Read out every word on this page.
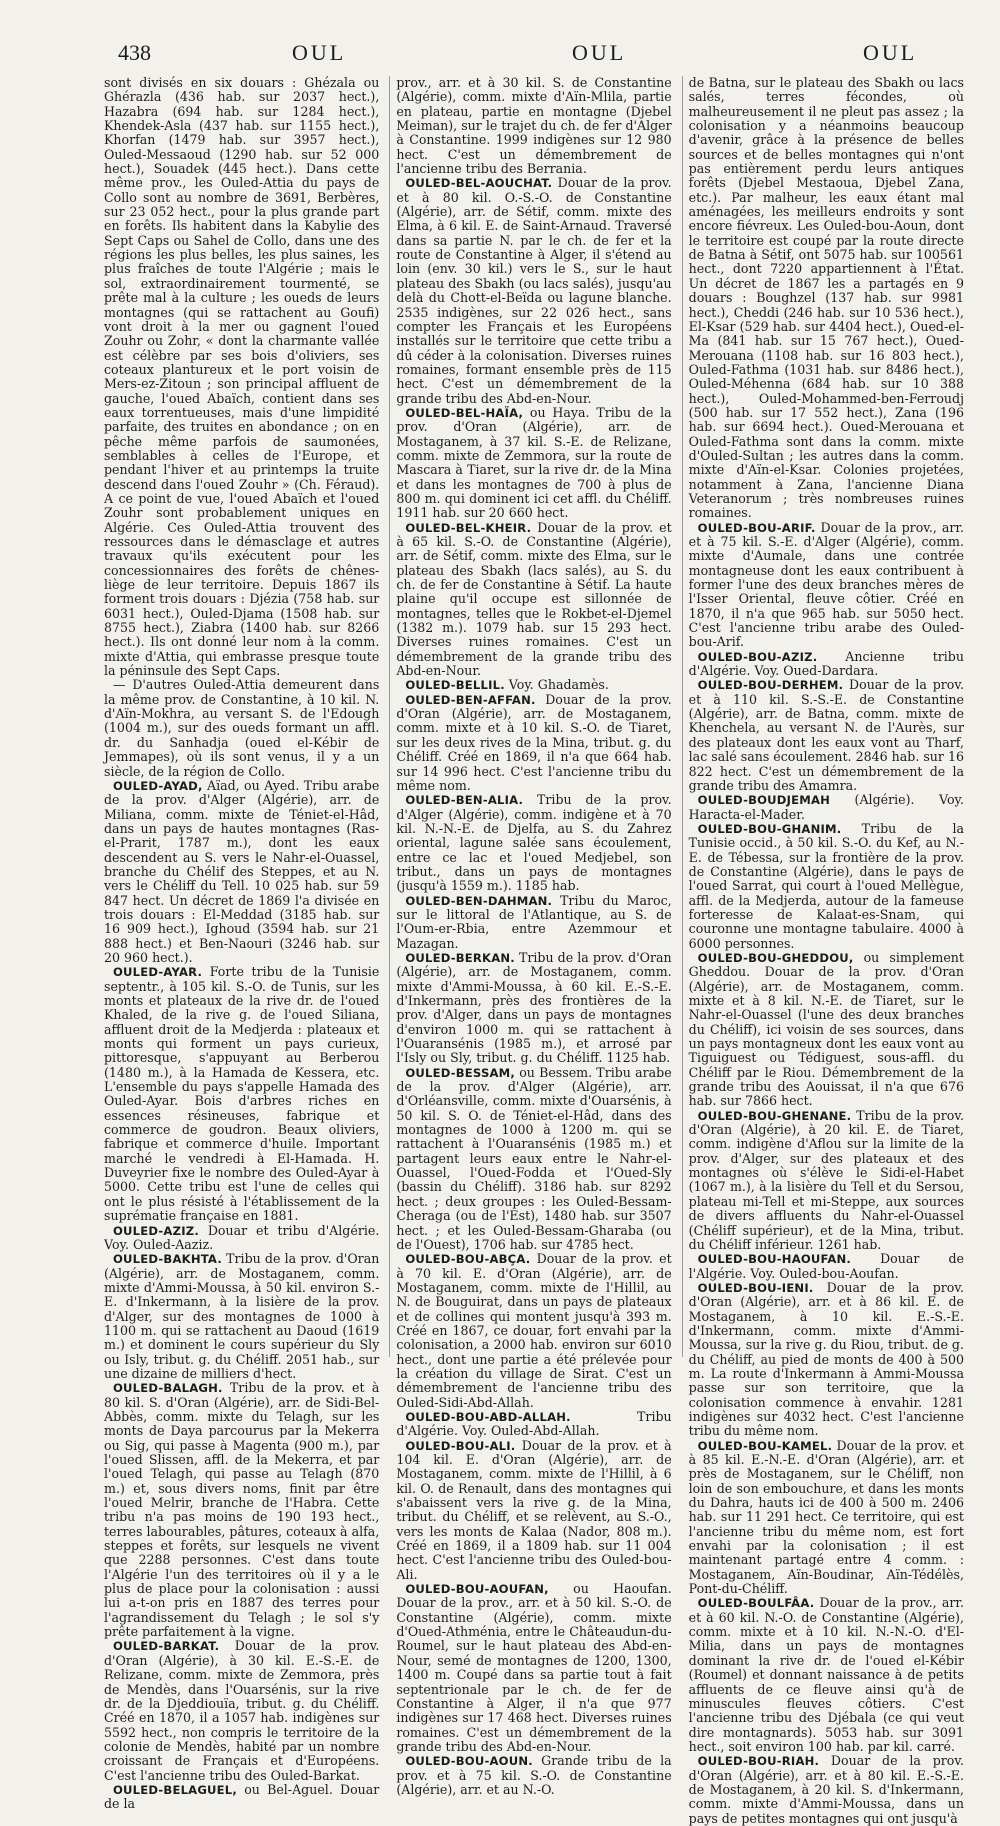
438	OUL	OUL	OUL

sont divisés en six douars : Ghézala ou Ghérazla (436 hab. sur 2037 hect.), Hazabra (694 hab. sur 1284 hect.), Khendek-Asla (437 hab. sur 1155 hect.), Khorfan (1479 hab. sur 3957 hect.), Ouled-Messaoud (1290 hab. sur 52 000 hect.), Souadek (445 hect.). Dans cette même prov., les Ouled-Attia du pays de Collo sont au nombre de 3691, Berbères, sur 23 052 hect., pour la plus grande part en forêts. Ils habitent dans la Kabylie des Sept Caps ou Sahel de Collo, dans une des régions les plus belles, les plus saines, les plus fraîches de toute l'Algérie ; mais le sol, extraordinairement tourmenté, se prête mal à la culture ; les oueds de leurs montagnes (qui se rattachent au Goufi) vont droit à la mer ou gagnent l'oued Zouhr ou Zohr, « dont la charmante vallée est célèbre par ses bois d'oliviers, ses coteaux plantureux et le port voisin de Mers-ez-Zitoun ; son principal affluent de gauche, l'oued Abaïch, contient dans ses eaux torrentueuses, mais d'une limpidité parfaite, des truites en abondance ; on en pêche même parfois de saumonées, semblables à celles de l'Europe, et pendant l'hiver et au printemps la truite descend dans l'oued Zouhr » (Ch. Féraud). A ce point de vue, l'oued Abaïch et l'oued Zouhr sont probablement uniques en Algérie. Ces Ouled-Attia trouvent des ressources dans le démasclage et autres travaux qu'ils exécutent pour les concessionnaires des forêts de chênes-liège de leur territoire. Depuis 1867 ils forment trois douars : Djézia (758 hab. sur 6031 hect.), Ouled-Djama (1508 hab. sur 8755 hect.), Ziabra (1400 hab. sur 8266 hect.). Ils ont donné leur nom à la comm. mixte d'Attia, qui embrasse presque toute la péninsule des Sept Caps.

— D'autres Ouled-Attia demeurent dans la même prov. de Constantine, à 10 kil. N. d'Aïn-Mokhra, au versant S. de l'Edough (1004 m.), sur des oueds formant un affl. dr. du Sanhadja (oued el-Kébir de Jemmapes), où ils sont venus, il y a un siècle, de la région de Collo.

OULED-AYAD, Aïad, ou Ayed. Tribu arabe de la prov. d'Alger (Algérie), arr. de Miliana, comm. mixte de Téniet-el-Hâd, dans un pays de hautes montagnes (Ras-el-Prarit, 1787 m.), dont les eaux descendent au S. vers le Nahr-el-Ouassel, branche du Chélif des Steppes, et au N. vers le Chéliff du Tell. 10 025 hab. sur 59 847 hect. Un décret de 1869 l'a divisée en trois douars : El-Meddad (3185 hab. sur 16 909 hect.), Ighoud (3594 hab. sur 21 888 hect.) et Ben-Naouri (3246 hab. sur 20 960 hect.).

OULED-AYAR. Forte tribu de la Tunisie septentr., à 105 kil. S.-O. de Tunis, sur les monts et plateaux de la rive dr. de l'oued Khaled, de la rive g. de l'oued Siliana, affluent droit de la Medjerda : plateaux et monts qui forment un pays curieux, pittoresque, s'appuyant au Berberou (1480 m.), à la Hamada de Kessera, etc. L'ensemble du pays s'appelle Hamada des Ouled-Ayar. Bois d'arbres riches en essences résineuses, fabrique et commerce de goudron. Beaux oliviers, fabrique et commerce d'huile. Important marché le vendredi à El-Hamada. H. Duveyrier fixe le nombre des Ouled-Ayar à 5000. Cette tribu est l'une de celles qui ont le plus résisté à l'établissement de la suprématie française en 1881.

OULED-AZIZ. Douar et tribu d'Algérie. Voy. Ouled-Aaziz.

OULED-BAKHTA. Tribu de la prov. d'Oran (Algérie), arr. de Mostaganem, comm. mixte d'Ammi-Moussa, à 50 kil. environ S.-E. d'Inkermann, à la lisière de la prov. d'Alger, sur des montagnes de 1000 à 1100 m. qui se rattachent au Daoud (1619 m.) et dominent le cours supérieur du Sly ou Isly, tribut. g. du Chéliff. 2051 hab., sur une dizaine de milliers d'hect.

OULED-BALAGH. Tribu de la prov. et à 80 kil. S. d'Oran (Algérie), arr. de Sidi-Bel-Abbès, comm. mixte du Telagh, sur les monts de Daya parcourus par la Mekerra ou Sig, qui passe à Magenta (900 m.), par l'oued Slissen, affl. de la Mekerra, et par l'oued Telagh, qui passe au Telagh (870 m.) et, sous divers noms, finit par être l'oued Melrir, branche de l'Habra. Cette tribu n'a pas moins de 190 193 hect., terres labourables, pâtures, coteaux à alfa, steppes et forêts, sur lesquels ne vivent que 2288 personnes. C'est dans toute l'Algérie l'un des territoires où il y a le plus de place pour la colonisation : aussi lui a-t-on pris en 1887 des terres pour l'agrandissement du Telagh ; le sol s'y prête parfaitement à la vigne.

OULED-BARKAT. Douar de la prov. d'Oran (Algérie), à 30 kil. E.-S.-E. de Relizane, comm. mixte de Zemmora, près de Mendès, dans l'Ouarsénis, sur la rive dr. de la Djeddiouïa, tribut. g. du Chéliff. Créé en 1870, il a 1057 hab. indigènes sur 5592 hect., non compris le territoire de la colonie de Mendès, habité par un nombre croissant de Français et d'Européens. C'est l'ancienne tribu des Ouled-Barkat.

OULED-BELAGUEL, ou Bel-Aguel. Douar de la

prov., arr. et à 30 kil. S. de Constantine (Algérie), comm. mixte d'Aïn-Mlila, partie en plateau, partie en montagne (Djebel Meiman), sur le trajet du ch. de fer d'Alger à Constantine. 1999 indigènes sur 12 980 hect. C'est un démembrement de l'ancienne tribu des Berrania.

OULED-BEL-AOUCHAT. Douar de la prov. et à 80 kil. O.-S.-O. de Constantine (Algérie), arr. de Sétif, comm. mixte des Elma, à 6 kil. E. de Saint-Arnaud. Traversé dans sa partie N. par le ch. de fer et la route de Constantine à Alger, il s'étend au loin (env. 30 kil.) vers le S., sur le haut plateau des Sbakh (ou lacs salés), jusqu'au delà du Chott-el-Beïda ou lagune blanche. 2535 indigènes, sur 22 026 hect., sans compter les Français et les Européens installés sur le territoire que cette tribu a dû céder à la colonisation. Diverses ruines romaines, formant ensemble près de 115 hect. C'est un démembrement de la grande tribu des Abd-en-Nour.

OULED-BEL-HAÏA, ou Haya. Tribu de la prov. d'Oran (Algérie), arr. de Mostaganem, à 37 kil. S.-E. de Relizane, comm. mixte de Zemmora, sur la route de Mascara à Tiaret, sur la rive dr. de la Mina et dans les montagnes de 700 à plus de 800 m. qui dominent ici cet affl. du Chéliff. 1911 hab. sur 20 660 hect.

OULED-BEL-KHEIR. Douar de la prov. et à 65 kil. S.-O. de Constantine (Algérie), arr. de Sétif, comm. mixte des Elma, sur le plateau des Sbakh (lacs salés), au S. du ch. de fer de Constantine à Sétif. La haute plaine qu'il occupe est sillonnée de montagnes, telles que le Rokbet-el-Djemel (1382 m.). 1079 hab. sur 15 293 hect. Diverses ruines romaines. C'est un démembrement de la grande tribu des Abd-en-Nour.

OULED-BELLIL. Voy. Ghadamès.

OULED-BEN-AFFAN. Douar de la prov. d'Oran (Algérie), arr. de Mostaganem, comm. mixte et à 10 kil. S.-O. de Tiaret, sur les deux rives de la Mina, tribut. g. du Chéliff. Créé en 1869, il n'a que 664 hab. sur 14 996 hect. C'est l'ancienne tribu du même nom.

OULED-BEN-ALIA. Tribu de la prov. d'Alger (Algérie), comm. indigène et à 70 kil. N.-N.-E. de Djelfa, au S. du Zahrez oriental, lagune salée sans écoulement, entre ce lac et l'oued Medjebel, son tribut., dans un pays de montagnes (jusqu'à 1559 m.). 1185 hab.

OULED-BEN-DAHMAN. Tribu du Maroc, sur le littoral de l'Atlantique, au S. de l'Oum-er-Rbia, entre Azemmour et Mazagan.

OULED-BERKAN. Tribu de la prov. d'Oran (Algérie), arr. de Mostaganem, comm. mixte d'Ammi-Moussa, à 60 kil. E.-S.-E. d'Inkermann, près des frontières de la prov. d'Alger, dans un pays de montagnes d'environ 1000 m. qui se rattachent à l'Ouaransénis (1985 m.), et arrosé par l'Isly ou Sly, tribut. g. du Chéliff. 1125 hab.

OULED-BESSAM, ou Bessem. Tribu arabe de la prov. d'Alger (Algérie), arr. d'Orléansville, comm. mixte d'Ouarsénis, à 50 kil. S. O. de Téniet-el-Hâd, dans des montagnes de 1000 à 1200 m. qui se rattachent à l'Ouaransénis (1985 m.) et partagent leurs eaux entre le Nahr-el-Ouassel, l'Oued-Fodda et l'Oued-Sly (bassin du Chéliff). 3186 hab. sur 8292 hect. ; deux groupes : les Ouled-Bessam-Cheraga (ou de l'Est), 1480 hab. sur 3507 hect. ; et les Ouled-Bessam-Gharaba (ou de l'Ouest), 1706 hab. sur 4785 hect.

OULED-BOU-ABÇA. Douar de la prov. et à 70 kil. E. d'Oran (Algérie), arr. de Mostaganem, comm. mixte de l'Hillil, au N. de Bouguirat, dans un pays de plateaux et de collines qui montent jusqu'à 393 m. Créé en 1867, ce douar, fort envahi par la colonisation, a 2000 hab. environ sur 6010 hect., dont une partie a été prélevée pour la création du village de Sirat. C'est un démembrement de l'ancienne tribu des Ouled-Sidi-Abd-Allah.

OULED-BOU-ABD-ALLAH. Tribu d'Algérie. Voy. Ouled-Abd-Allah.

OULED-BOU-ALI. Douar de la prov. et à 104 kil. E. d'Oran (Algérie), arr. de Mostaganem, comm. mixte de l'Hillil, à 6 kil. O. de Renault, dans des montagnes qui s'abaissent vers la rive g. de la Mina, tribut. du Chéliff, et se relèvent, au S.-O., vers les monts de Kalaa (Nador, 808 m.). Créé en 1869, il a 1809 hab. sur 11 004 hect. C'est l'ancienne tribu des Ouled-bou-Ali.

OULED-BOU-AOUFAN, ou Haoufan. Douar de la prov., arr. et à 50 kil. S.-O. de Constantine (Algérie), comm. mixte d'Oued-Athménia, entre le Châteaudun-du-Roumel, sur le haut plateau des Abd-en-Nour, semé de montagnes de 1200, 1300, 1400 m. Coupé dans sa partie tout à fait septentrionale par le ch. de fer de Constantine à Alger, il n'a que 977 indigènes sur 17 468 hect. Diverses ruines romaines. C'est un démembrement de la grande tribu des Abd-en-Nour.

OULED-BOU-AOUN. Grande tribu de la prov. et à 75 kil. S.-O. de Constantine (Algérie), arr. et au N.-O.

de Batna, sur le plateau des Sbakh ou lacs salés, terres fécondes, où malheureusement il ne pleut pas assez ; la colonisation y a néanmoins beaucoup d'avenir, grâce à la présence de belles sources et de belles montagnes qui n'ont pas entièrement perdu leurs antiques forêts (Djebel Mestaoua, Djebel Zana, etc.). Par malheur, les eaux étant mal aménagées, les meilleurs endroits y sont encore fiévreux. Les Ouled-bou-Aoun, dont le territoire est coupé par la route directe de Batna à Sétif, ont 5075 hab. sur 100561 hect., dont 7220 appartiennent à l'État. Un décret de 1867 les a partagés en 9 douars : Boughzel (137 hab. sur 9981 hect.), Cheddi (246 hab. sur 10 536 hect.), El-Ksar (529 hab. sur 4404 hect.), Oued-el-Ma (841 hab. sur 15 767 hect.), Oued-Merouana (1108 hab. sur 16 803 hect.), Ouled-Fathma (1031 hab. sur 8486 hect.), Ouled-Méhenna (684 hab. sur 10 388 hect.), Ouled-Mohammed-ben-Ferroudj (500 hab. sur 17 552 hect.), Zana (196 hab. sur 6694 hect.). Oued-Merouana et Ouled-Fathma sont dans la comm. mixte d'Ouled-Sultan ; les autres dans la comm. mixte d'Aïn-el-Ksar. Colonies projetées, notamment à Zana, l'ancienne Diana Veteranorum ; très nombreuses ruines romaines.

OULED-BOU-ARIF. Douar de la prov., arr. et à 75 kil. S.-E. d'Alger (Algérie), comm. mixte d'Aumale, dans une contrée montagneuse dont les eaux contribuent à former l'une des deux branches mères de l'Isser Oriental, fleuve côtier. Créé en 1870, il n'a que 965 hab. sur 5050 hect. C'est l'ancienne tribu arabe des Ouled-bou-Arif.

OULED-BOU-AZIZ. Ancienne tribu d'Algérie. Voy. Oued-Dardara.

OULED-BOU-DERHEM. Douar de la prov. et à 110 kil. S.-S.-E. de Constantine (Algérie), arr. de Batna, comm. mixte de Khenchela, au versant N. de l'Aurès, sur des plateaux dont les eaux vont au Tharf, lac salé sans écoulement. 2846 hab. sur 16 822 hect. C'est un démembrement de la grande tribu des Amamra.

OULED-BOUDJEMAH (Algérie). Voy. Haracta-el-Mader.

OULED-BOU-GHANIM. Tribu de la Tunisie occid., à 50 kil. S.-O. du Kef, au N.-E. de Tébessa, sur la frontière de la prov. de Constantine (Algérie), dans le pays de l'oued Sarrat, qui court à l'oued Mellègue, affl. de la Medjerda, autour de la fameuse forteresse de Kalaat-es-Snam, qui couronne une montagne tabulaire. 4000 à 6000 personnes.

OULED-BOU-GHEDDOU, ou simplement Gheddou. Douar de la prov. d'Oran (Algérie), arr. de Mostaganem, comm. mixte et à 8 kil. N.-E. de Tiaret, sur le Nahr-el-Ouassel (l'une des deux branches du Chéliff), ici voisin de ses sources, dans un pays montagneux dont les eaux vont au Tiguiguest ou Tédiguest, sous-affl. du Chéliff par le Riou. Démembrement de la grande tribu des Aouissat, il n'a que 676 hab. sur 7866 hect.

OULED-BOU-GHENANE. Tribu de la prov. d'Oran (Algérie), à 20 kil. E. de Tiaret, comm. indigène d'Aflou sur la limite de la prov. d'Alger, sur des plateaux et des montagnes où s'élève le Sidi-el-Habet (1067 m.), à la lisière du Tell et du Sersou, plateau mi-Tell et mi-Steppe, aux sources de divers affluents du Nahr-el-Ouassel (Chéliff supérieur), et de la Mina, tribut. du Chéliff inférieur. 1261 hab.

OULED-BOU-HAOUFAN. Douar de l'Algérie. Voy. Ouled-bou-Aoufan.

OULED-BOU-IENI. Douar de la prov. d'Oran (Algérie), arr. et à 86 kil. E. de Mostaganem, à 10 kil. E.-S.-E. d'Inkermann, comm. mixte d'Ammi-Moussa, sur la rive g. du Riou, tribut. de g. du Chéliff, au pied de monts de 400 à 500 m. La route d'Inkermann à Ammi-Moussa passe sur son territoire, que la colonisation commence à envahir. 1281 indigènes sur 4032 hect. C'est l'ancienne tribu du même nom.

OULED-BOU-KAMEL. Douar de la prov. et à 85 kil. E.-N.-E. d'Oran (Algérie), arr. et près de Mostaganem, sur le Chéliff, non loin de son embouchure, et dans les monts du Dahra, hauts ici de 400 à 500 m. 2406 hab. sur 11 291 hect. Ce territoire, qui est l'ancienne tribu du même nom, est fort envahi par la colonisation ; il est maintenant partagé entre 4 comm. : Mostaganem, Aïn-Boudinar, Aïn-Tédélès, Pont-du-Chéliff.

OULED-BOULFÂA. Douar de la prov., arr. et à 60 kil. N.-O. de Constantine (Algérie), comm. mixte et à 10 kil. N.-N.-O. d'El-Milia, dans un pays de montagnes dominant la rive dr. de l'oued el-Kébir (Roumel) et donnant naissance à de petits affluents de ce fleuve ainsi qu'à de minuscules fleuves côtiers. C'est l'ancienne tribu des Djébala (ce qui veut dire montagnards). 5053 hab. sur 3091 hect., soit environ 100 hab. par kil. carré.

OULED-BOU-RIAH. Douar de la prov. d'Oran (Algérie), arr. et à 80 kil. E.-S.-E. de Mostaganem, à 20 kil. S. d'Inkermann, comm. mixte d'Ammi-Moussa, dans un pays de petites montagnes qui ont jusqu'à
